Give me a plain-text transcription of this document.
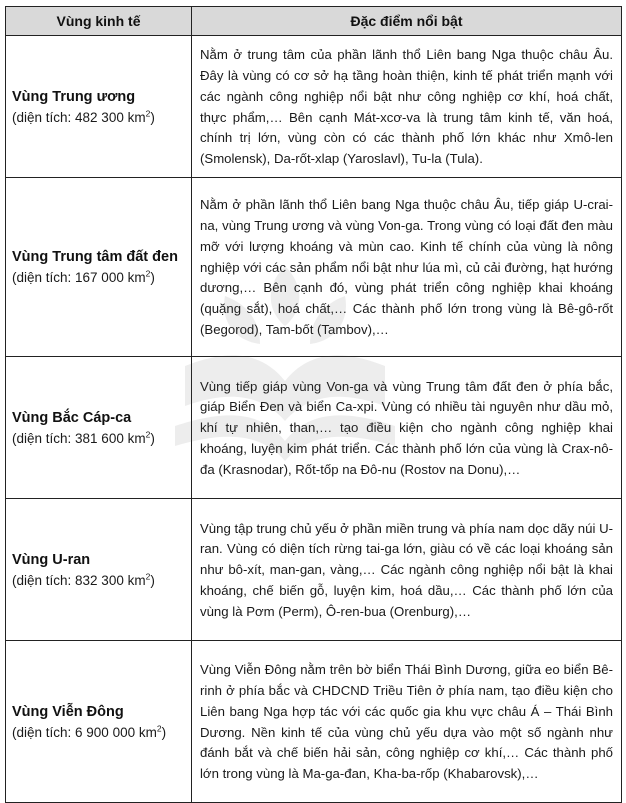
Vùng kinh tế	Đặc điểm nổi bật

Vùng Trung ương
(diện tích: 482 300 $km^2$)	Nằm ở trung tâm của phần lãnh thổ Liên bang Nga thuộc châu Âu. Đây là vùng có cơ sở hạ tầng hoàn thiện, kinh tế phát triển mạnh với các ngành công nghiệp nổi bật như công nghiệp cơ khí, hoá chất, thực phẩm,… Bên cạnh Mát-xcơ-va là trung tâm kinh tế, văn hoá, chính trị lớn, vùng còn có các thành phố lớn khác như Xmô-len (Smolensk), Da-rốt-xlap (Yaroslavl), Tu-la (Tula).

Vùng Trung tâm đất đen
(diện tích: 167 000 $km^2$)	Nằm ở phần lãnh thổ Liên bang Nga thuộc châu Âu, tiếp giáp U-crai-na, vùng Trung ương và vùng Von-ga. Trong vùng có loại đất đen màu mỡ với lượng khoáng và mùn cao. Kinh tế chính của vùng là nông nghiệp với các sản phẩm nổi bật như lúa mì, củ cải đường, hạt hướng dương,… Bên cạnh đó, vùng phát triển công nghiệp khai khoáng (quặng sắt), hoá chất,… Các thành phố lớn trong vùng là Bê-gô-rốt (Begorod), Tam-bốt (Tambov),…

Vùng Bắc Cáp-ca
(diện tích: 381 600 $km^2$)	Vùng tiếp giáp vùng Von-ga và vùng Trung tâm đất đen ở phía bắc, giáp Biển Đen và biển Ca-xpi. Vùng có nhiều tài nguyên như dầu mỏ, khí tự nhiên, than,… tạo điều kiện cho ngành công nghiệp khai khoáng, luyện kim phát triển. Các thành phố lớn của vùng là Crax-nô-đa (Krasnodar), Rốt-tốp na Đô-nu (Rostov na Donu),…

Vùng U-ran
(diện tích: 832 300 $km^2$)	Vùng tập trung chủ yếu ở phần miền trung và phía nam dọc dãy núi U-ran. Vùng có diện tích rừng tai-ga lớn, giàu có về các loại khoáng sản như bô-xít, man-gan, vàng,… Các ngành công nghiệp nổi bật là khai khoáng, chế biến gỗ, luyện kim, hoá dầu,… Các thành phố lớn của vùng là Pơm (Perm), Ô-ren-bua (Orenburg),…

Vùng Viễn Đông
(diện tích: 6 900 000 $km^2$)	Vùng Viễn Đông nằm trên bờ biển Thái Bình Dương, giữa eo biển Bê-rinh ở phía bắc và CHDCND Triều Tiên ở phía nam, tạo điều kiện cho Liên bang Nga hợp tác với các quốc gia khu vực châu Á – Thái Bình Dương. Nền kinh tế của vùng chủ yếu dựa vào một số ngành như đánh bắt và chế biến hải sản, công nghiệp cơ khí,… Các thành phố lớn trong vùng là Ma-ga-đan, Kha-ba-rốp (Khabarovsk),…
